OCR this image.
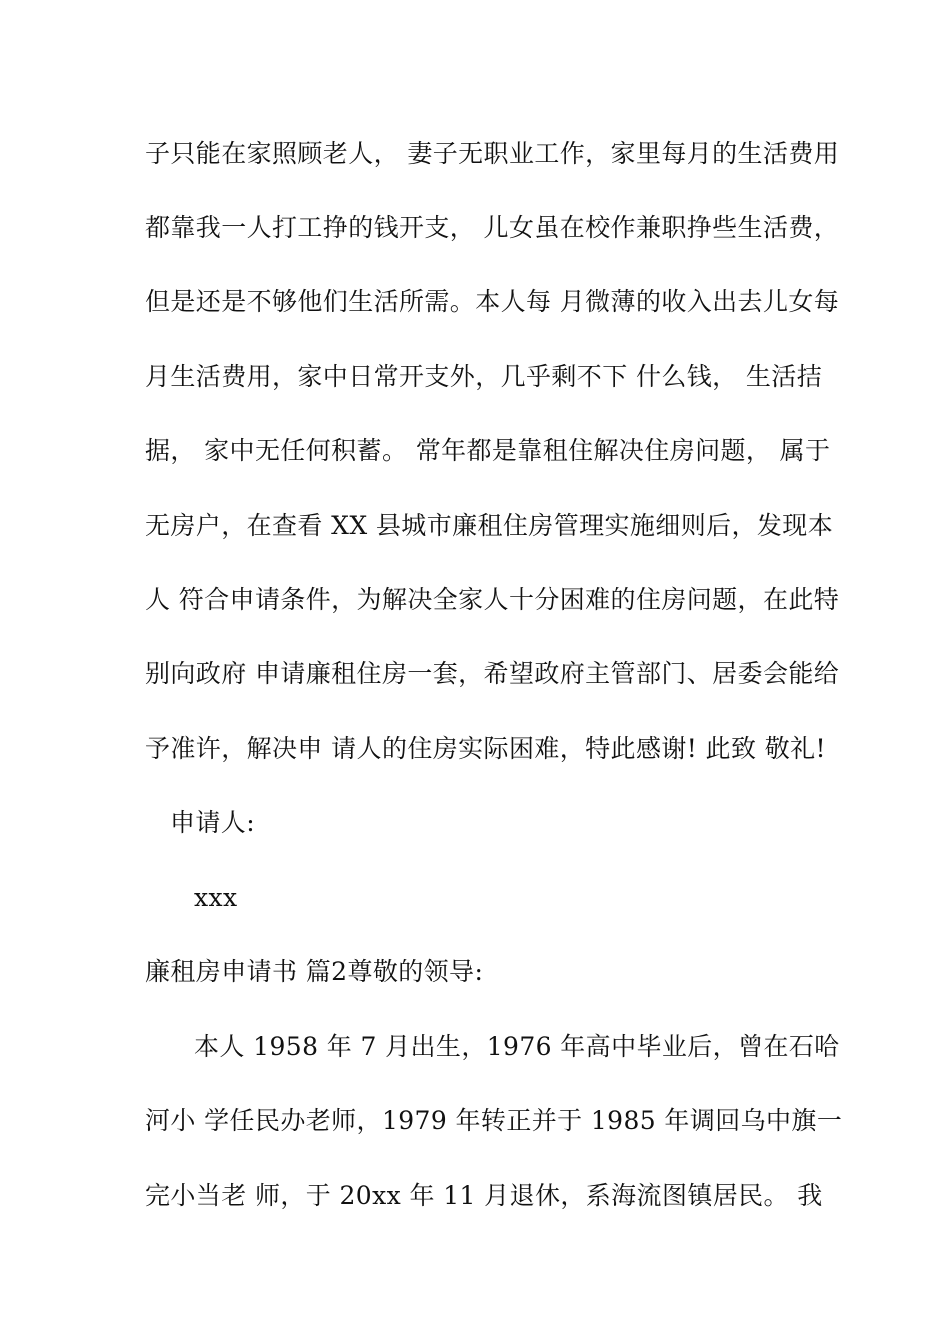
子只能在家照顾老人， 妻子无职业工作，家里每月的生活费用
都靠我一人打工挣的钱开支， 儿女虽在校作兼职挣些生活费，
但是还是不够他们生活所需。本人每 月微薄的收入出去儿女每
月生活费用，家中日常开支外，几乎剩不下 什么钱， 生活拮
据， 家中无任何积蓄。 常年都是靠租住解决住房问题， 属于
无房户，在查看 XX 县城市廉租住房管理实施细则后，发现本
人 符合申请条件，为解决全家人十分困难的住房问题，在此特
别向政府 申请廉租住房一套，希望政府主管部门、居委会能给
予准许，解决申 请人的住房实际困难，特此感谢! 此致 敬礼!
申请人:
xxx
廉租房申请书 篇2尊敬的领导:
本人 1958 年 7 月出生，1976 年高中毕业后，曾在石哈
河小 学任民办老师，1979 年转正并于 1985 年调回乌中旗一
完小当老 师，于 20xx 年 11 月退休，系海流图镇居民。 我
